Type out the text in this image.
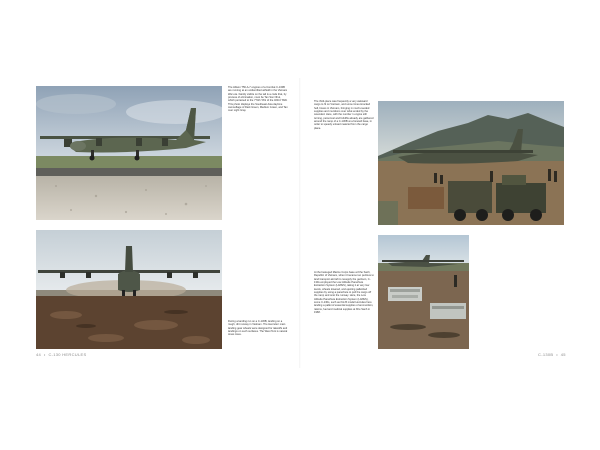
The Allison T56-A-7 engines of a Combat C-130B are running at an unidentified airfield in the Vietnam War era. Faintly visible on the tail is a code that, by process of elimination, must be Tan Son Nhut, which pertained to the 774th TAS of the 463rd TAW. This photo displays the Southeast Asia daytime camouflage of Dark Green, Medium Green, and Tan over Light Gray.

During a landing run on a C-130B, landing on a rough, dirt runway in Vietnam. The Hercules' main landing gear wheels were designed for takeoffs and landings on such surfaces. The West Tent is natural tones trees.

The third-piece was frequently a very awkward cargo to fit on Vietnam, and some times knocked hell, boxes in Vietnam, bringing in much-needed supplies and munitions over what ended by the wounded. Here, with the number 1 engine still turning, personnel and forklifts already are gathered around the ramp of a C-130B at a forward base, in order to speedy unload materiel from the cargo plane.

At the besieged Marine Corps base at Khe Sanh, Republic of Vietnam, when it became too perilous to land transport aircraft to resupply the garrison, C-130s employed the Low Altitude Parachute Extraction System (LAPES), taking it at very low levels, wheels lowered, and ejecting palletized supplies by using a parachute to pull the cargo off the ramp and onto the runway. Here, the Low Altitude Parachute Extraction System (LAPES), some C-130s, such as this B model Hercules here landing a pallet of essential supplies of ammunition, rations, fuel and medical supplies at Khe Sanh in 1968.

44  •  C-130 HERCULES	C-130B  •  45
